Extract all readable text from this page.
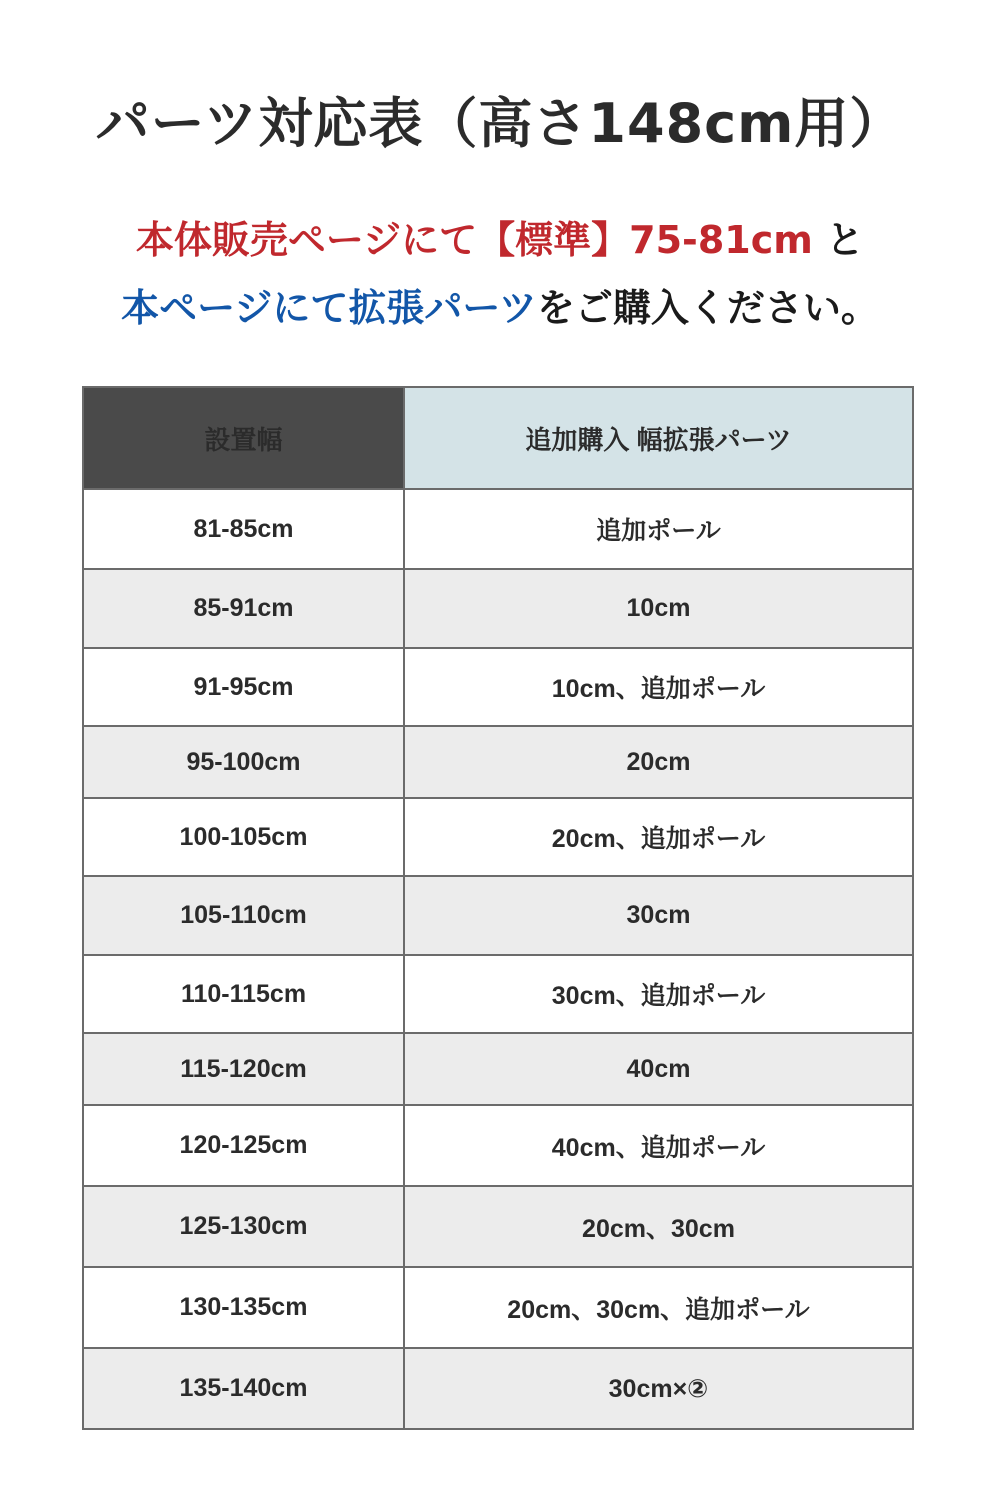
パーツ対応表（高さ148cm用）
本体販売ページにて【標準】75-81cm と
本ページにて拡張パーツをご購入ください。
設置幅	追加購入 幅拡張パーツ
81-85cm	追加ポール
85-91cm	10cm
91-95cm	10cm、追加ポール
95-100cm	20cm
100-105cm	20cm、追加ポール
105-110cm	30cm
110-115cm	30cm、追加ポール
115-120cm	40cm
120-125cm	40cm、追加ポール
125-130cm	20cm、30cm
130-135cm	20cm、30cm、追加ポール
135-140cm	30cm×②
